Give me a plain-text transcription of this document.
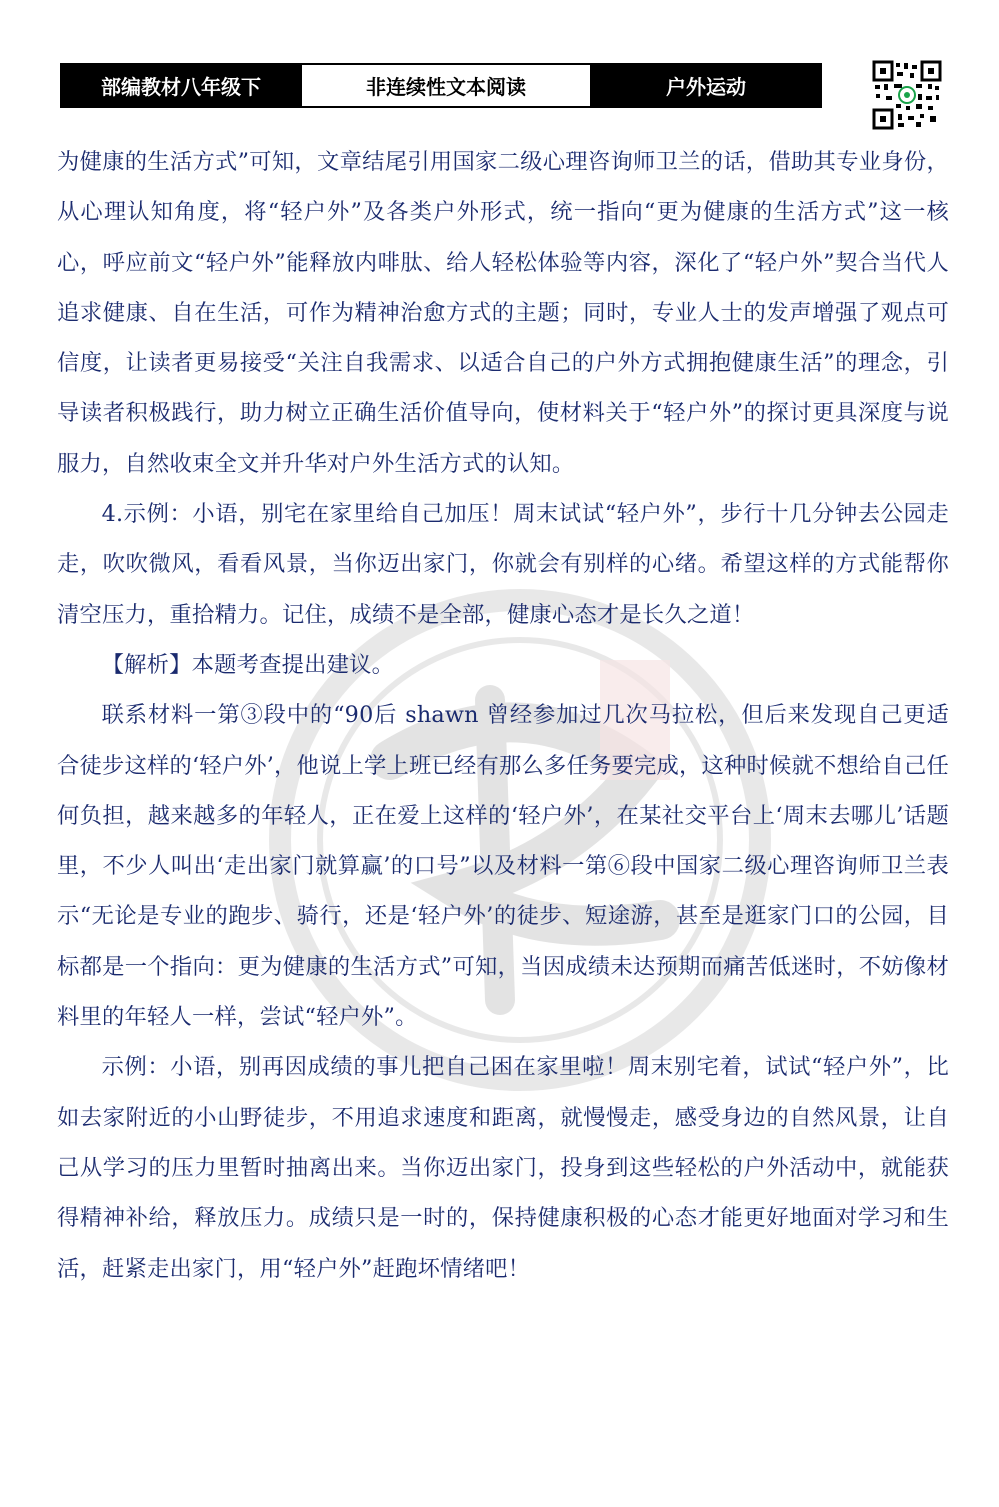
部编教材八年级下	非连续性文本阅读	户外运动

为健康的生活方式”可知，文章结尾引用国家二级心理咨询师卫兰的话，借助其专业身份，从心理认知角度，将“轻户外”及各类户外形式，统一指向“更为健康的生活方式”这一核心，呼应前文“轻户外”能释放内啡肽、给人轻松体验等内容，深化了“轻户外”契合当代人追求健康、自在生活，可作为精神治愈方式的主题；同时，专业人士的发声增强了观点可信度，让读者更易接受“关注自我需求、以适合自己的户外方式拥抱健康生活”的理念，引导读者积极践行，助力树立正确生活价值导向，使材料关于“轻户外”的探讨更具深度与说服力，自然收束全文并升华对户外生活方式的认知。

4.示例：小语，别宅在家里给自己加压！周末试试“轻户外”，步行十几分钟去公园走走，吹吹微风，看看风景，当你迈出家门，你就会有别样的心绪。希望这样的方式能帮你清空压力，重拾精力。记住，成绩不是全部，健康心态才是长久之道！

【解析】本题考查提出建议。

联系材料一第③段中的“90后 shawn 曾经参加过几次马拉松，但后来发现自己更适合徒步这样的‘轻户外’，他说上学上班已经有那么多任务要完成，这种时候就不想给自己任何负担，越来越多的年轻人，正在爱上这样的‘轻户外’，在某社交平台上‘周末去哪儿’话题里，不少人叫出‘走出家门就算赢’的口号”以及材料一第⑥段中国家二级心理咨询师卫兰表示“无论是专业的跑步、骑行，还是‘轻户外’的徒步、短途游，甚至是逛家门口的公园，目标都是一个指向：更为健康的生活方式”可知，当因成绩未达预期而痛苦低迷时，不妨像材料里的年轻人一样，尝试“轻户外”。

示例：小语，别再因成绩的事儿把自己困在家里啦！周末别宅着，试试“轻户外”，比如去家附近的小山野徒步，不用追求速度和距离，就慢慢走，感受身边的自然风景，让自己从学习的压力里暂时抽离出来。当你迈出家门，投身到这些轻松的户外活动中，就能获得精神补给，释放压力。成绩只是一时的，保持健康积极的心态才能更好地面对学习和生活，赶紧走出家门，用“轻户外”赶跑坏情绪吧！
